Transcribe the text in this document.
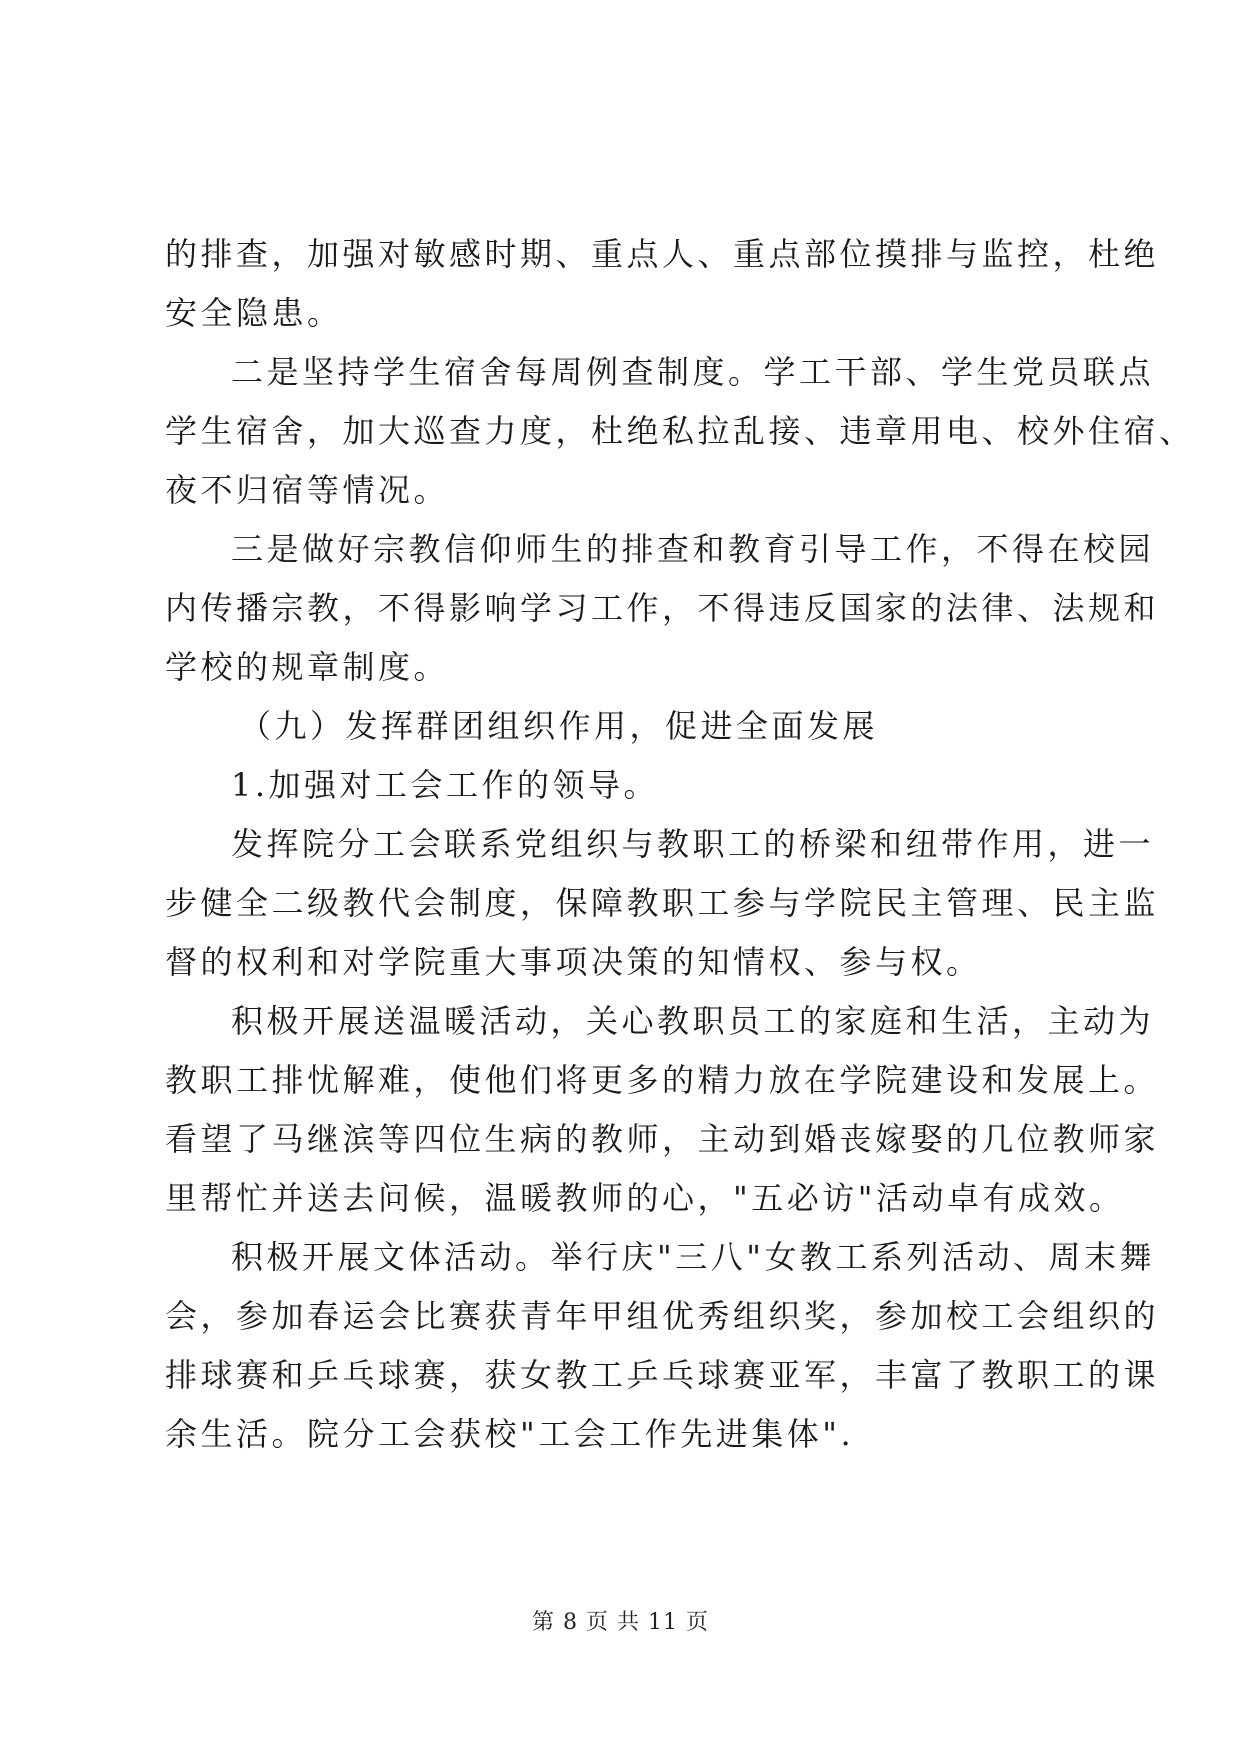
的排查，加强对敏感时期、重点人、重点部位摸排与监控，杜绝
安全隐患。
二是坚持学生宿舍每周例查制度。学工干部、学生党员联点
学生宿舍，加大巡查力度，杜绝私拉乱接、违章用电、校外住宿、
夜不归宿等情况。
三是做好宗教信仰师生的排查和教育引导工作，不得在校园
内传播宗教，不得影响学习工作，不得违反国家的法律、法规和
学校的规章制度。
（九）发挥群团组织作用，促进全面发展
1.加强对工会工作的领导。
发挥院分工会联系党组织与教职工的桥梁和纽带作用，进一
步健全二级教代会制度，保障教职工参与学院民主管理、民主监
督的权利和对学院重大事项决策的知情权、参与权。
积极开展送温暖活动，关心教职员工的家庭和生活，主动为
教职工排忧解难，使他们将更多的精力放在学院建设和发展上。
看望了马继滨等四位生病的教师，主动到婚丧嫁娶的几位教师家
里帮忙并送去问候，温暖教师的心，"五必访"活动卓有成效。
积极开展文体活动。举行庆"三八"女教工系列活动、周末舞
会，参加春运会比赛获青年甲组优秀组织奖，参加校工会组织的
排球赛和乒乓球赛，获女教工乒乓球赛亚军，丰富了教职工的课
余生活。院分工会获校"工会工作先进集体".
第 8 页 共 11 页
